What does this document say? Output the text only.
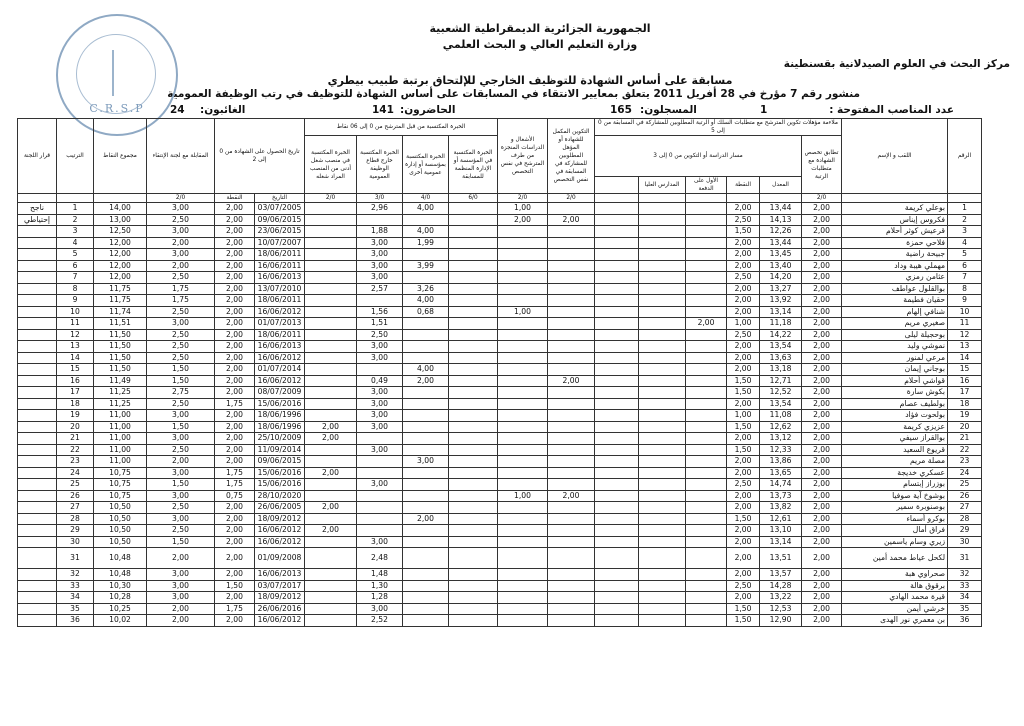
الجمهورية الجزائرية الديمقراطية الشعبية
وزارة التعليم العالي و البحث العلمي
مركز البحث في العلوم الصيدلانية بقسنطينة
مسابقة على أساس الشهادة للتوظيف الخارجي للإلتحاق برتبة طبيب بيطري
منشور رقم 7 مؤرخ في 28 أفريل 2011 يتعلق بمعايير الانتقاء في المسابقات على أساس الشهادة للتوظيف في رتب الوظيفة العمومية
C.R.S.P	عدد المناصب المفتوحة :
1
المسجلون:
165
الحاضرون:
141
الغائبون:
24
الرقم	اللقب و الإسم	ملاءمة مؤهلات تكوين المترشح مع متطلبات السلك أو الرتبة المطلوبين للمشاركة في المسابقة من 0 إلى 5						التكوين المكمل للشهادة أو المؤهل المطلوبين للمشاركة في المسابقة في نفس التخصص	الأشغال و الدراسات المنجزة من طرف المترشح في نفس التخصص	الخبرة المكتسبة من قبل المترشح من 0 إلى 06 نقاط				تاريخ الحصول على الشهادة من 0 إلى 2		المقابلة مع لجنة الإنتقاء	مجموع النقاط	الترتيب	قرار اللجنة
		تطابق تخصص الشهادة مع متطلبات الرتبة	مسار الدراسة أو التكوين من 0 إلى 3							الخبرة المكتسبة في المؤسسة أو الإدارة المنظمة للمسابقة	الخبرة المكتسبة بمؤسسة أو إدارة عمومية أخرى	الخبرة المكتسبة خارج قطاع الوظيفة العمومية	الخبرة المكتسبة في منصب شغل أدنى من المنصب المراد شغله						
			المعدل	النقطة	الأول على الدفعة	المدارس العليا													
		2/0						2/0	2/0	6/0	4/0	3/0	2/0	التاريخ	النقطة	2/0			
1	بوعلي كريمة	2,00	13,44	2,00					1,00		4,00	2,96		03/07/2005	2,00	3,00	14,00	1	ناجح
2	فكروس إيناس	2,00	14,13	2,50				2,00	2,00					09/06/2015	2,00	2,50	13,00	2	إحتياطي
3	قرعيش كوثر أحلام	2,00	12,26	1,50							4,00	1,88		23/06/2015	2,00	3,00	12,50	3	
4	فلاحي حمزة	2,00	13,44	2,00							1,99	3,00		10/07/2007	2,00	2,00	12,00	4	
5	جبيحة راضية	2,00	13,45	2,00								3,00		18/06/2011	2,00	3,00	12,00	5	
6	مهملي هيبة وداد	2,00	13,40	2,00							3,99	3,00		16/06/2011	2,00	2,00	12,00	6	
7	عثامن رمزي	2,00	14,20	2,50								3,00		16/06/2013	2,00	2,50	12,00	7	
8	بوالقلول عواطف	2,00	13,27	2,00							3,26	2,57		13/07/2010	2,00	1,75	11,75	8	
9	حقيان فطيمة	2,00	13,92	2,00							4,00			18/06/2011	2,00	1,75	11,75	9	
10	شنافي إلهام	2,00	13,14	2,00					1,00		0,68	1,56		16/06/2012	2,00	2,50	11,74	10	
11	صغيري مريم	2,00	11,18	1,00	2,00							1,51		01/07/2013	2,00	3,00	11,51	11	
12	بوحجيلة ليلى	2,00	14,22	2,50								2,50		18/06/2011	2,00	2,50	11,50	12	
13	نموشي وليد	2,00	13,54	2,00								3,00		16/06/2013	2,00	2,50	11,50	13	
14	مرعي لمنور	2,00	13,63	2,00								3,00		16/06/2012	2,00	2,50	11,50	14	
15	بوجاني إيمان	2,00	13,18	2,00							4,00			01/07/2014	2,00	1,50	11,50	15	
16	قواشي أحلام	2,00	12,71	1,50				2,00			2,00	0,49		16/06/2012	2,00	1,50	11,49	16	
17	بكوش سارة	2,00	12,52	1,50								3,00		08/07/2009	2,00	2,75	11,25	17	
18	بولطيف عصام	2,00	13,54	2,00								3,00		15/06/2016	1,75	2,50	11,25	18	
19	بولحوت فؤاد	2,00	11,08	1,00								3,00		18/06/1996	2,00	3,00	11,00	19	
20	عزيزي كريمة	2,00	12,62	1,50								3,00	2,00	18/06/1996	2,00	1,50	11,00	20	
21	بوالقراز سيفي	2,00	13,12	2,00									2,00	25/10/2009	2,00	3,00	11,00	21	
22	قريوع السعيد	2,00	12,33	1,50								3,00		11/09/2014	2,00	2,50	11,00	22	
23	مصلة مريم	2,00	13,86	2,00							3,00			09/06/2015	2,00	2,00	11,00	23	
24	عسكري خديجة	2,00	13,65	2,00									2,00	15/06/2016	1,75	3,00	10,75	24	
25	بوزراز إبتسام	2,00	14,74	2,50								3,00		15/06/2016	1,75	1,50	10,75	25	
26	بوشوخ آية صوفيا	2,00	13,73	2,00				2,00	1,00					28/10/2020	0,75	3,00	10,75	26	
27	بوصنوبرة سمير	2,00	13,82	2,00									2,00	26/06/2005	2,00	2,50	10,50	27	
28	بوكرو أسماء	2,00	12,61	1,50							2,00			18/09/2012	2,00	3,00	10,50	28	
29	فراق أمال	2,00	13,10	2,00									2,00	16/06/2012	2,00	2,50	10,50	29	
30	زيري وسام ياسمين	2,00	13,14	2,00								3,00		16/06/2012	2,00	1,50	10,50	30	
31	لكحل عياط محمد أمين	2,00	13,51	2,00								2,48		01/09/2008	2,00	2,00	10,48	31	
32	صحراوي هبة	2,00	13,57	2,00								1,48		16/06/2013	2,00	3,00	10,48	32	
33	برقوق هالة	2,00	14,28	2,50								1,30		03/07/2017	1,50	3,00	10,30	33	
34	قيرة محمد الهادي	2,00	13,22	2,00								1,28		18/09/2012	2,00	3,00	10,28	34	
35	خرشي أيمن	2,00	12,53	1,50								3,00		26/06/2016	1,75	2,00	10,25	35	
36	بن معمري نور الهدى	2,00	12,90	1,50								2,52		16/06/2012	2,00	2,00	10,02	36	
